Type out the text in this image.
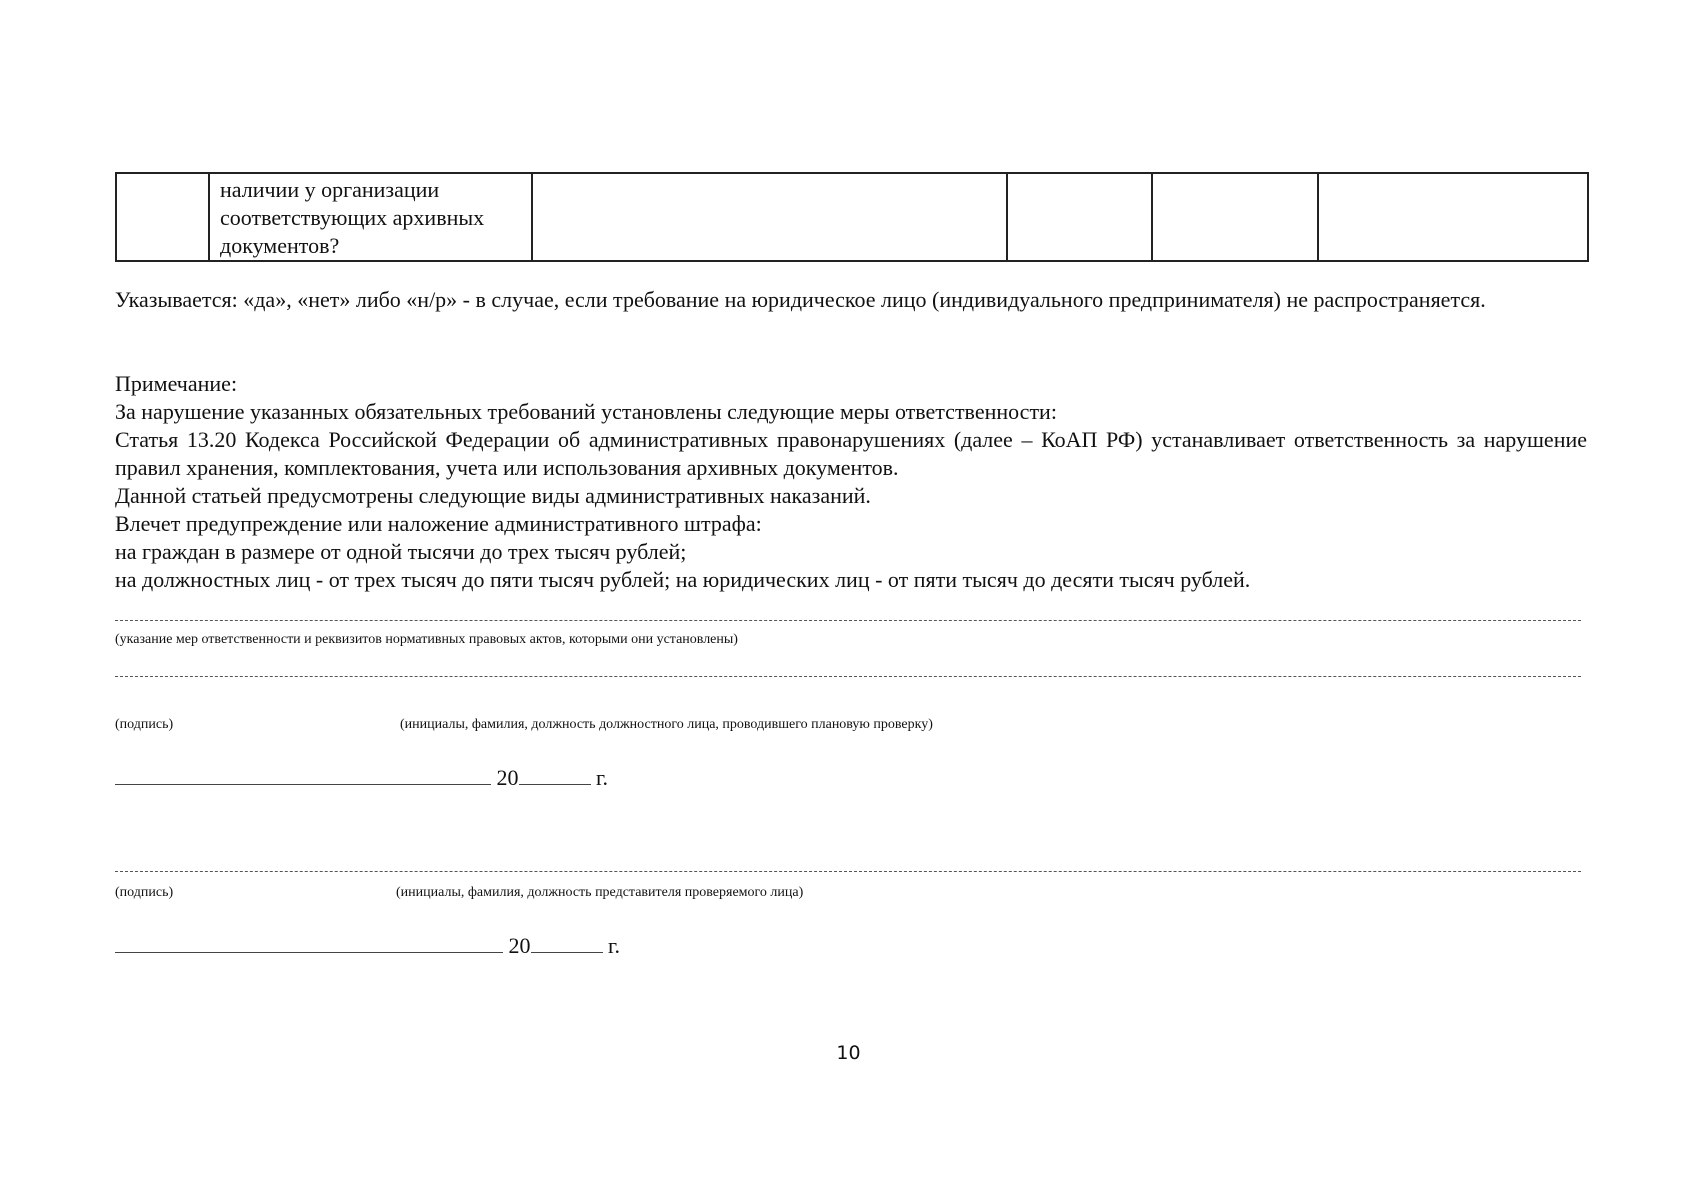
наличии у организации
соответствующих архивных
документов?

Указывается: «да», «нет» либо «н/р» - в случае, если требование на юридическое лицо (индивидуального предпринимателя) не распространяется.
Примечание:
За нарушение указанных обязательных требований установлены следующие меры ответственности:
Статья 13.20 Кодекса Российской Федерации об административных правонарушениях (далее – КоАП РФ) устанавливает ответственность за нарушение правил хранения, комплектования, учета или использования архивных документов.
Данной статьей предусмотрены следующие виды административных наказаний.
Влечет предупреждение или наложение административного штрафа:
на граждан в размере от одной тысячи до трех тысяч рублей;
на должностных лиц - от трех тысяч до пяти тысяч рублей; на юридических лиц - от пяти тысяч до десяти тысяч рублей.
(указание мер ответственности и реквизитов нормативных правовых актов, которыми они установлены)
(подпись)	(инициалы, фамилия, должность должностного лица, проводившего плановую проверку)
20	г.
(подпись)	(инициалы, фамилия, должность представителя проверяемого лица)
20	г.
10
